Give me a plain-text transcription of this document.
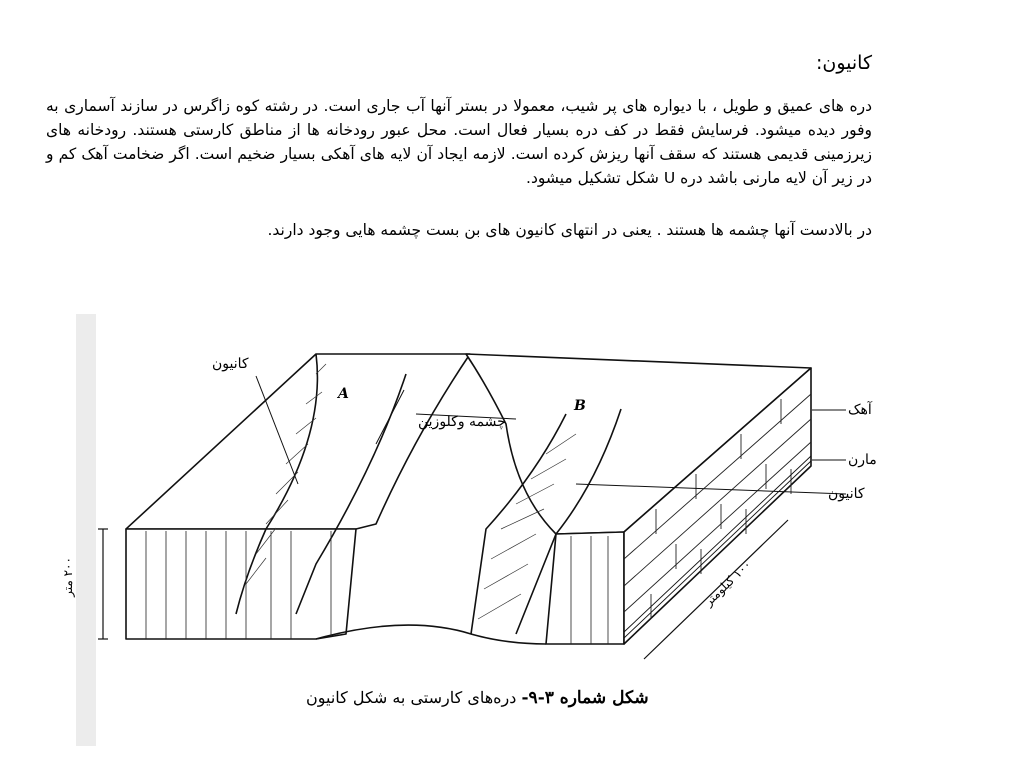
کانیون:
دره های عمیق و طویل ، با دیواره های پر شیب، معمولا در بستر آنها آب جاری است. در رشته کوه زاگرس در سازند آسماری به وفور دیده میشود. فرسایش فقط در کف دره بسیار فعال است. محل عبور رودخانه ها از مناطق کارستی هستند. رودخانه های زیرزمینی قدیمی هستند که سقف آنها ریزش کرده است. لازمه ایجاد آن لایه های آهکی بسیار ضخیم است. اگر ضخامت آهک کم و در زیر آن لایه مارنی باشد دره U شکل تشکیل میشود.
در بالادست آنها چشمه ها هستند . یعنی در انتهای کانیون های بن بست چشمه هایی وجود دارند.
کانیون
A
B
چشمه وکلوزین
آهک
مارن
کانیون
۲۰۰ متر
۱۰۰ کیلومتر
شکل شماره ۳-۹- دره‌های کارستی به شکل کانیون
